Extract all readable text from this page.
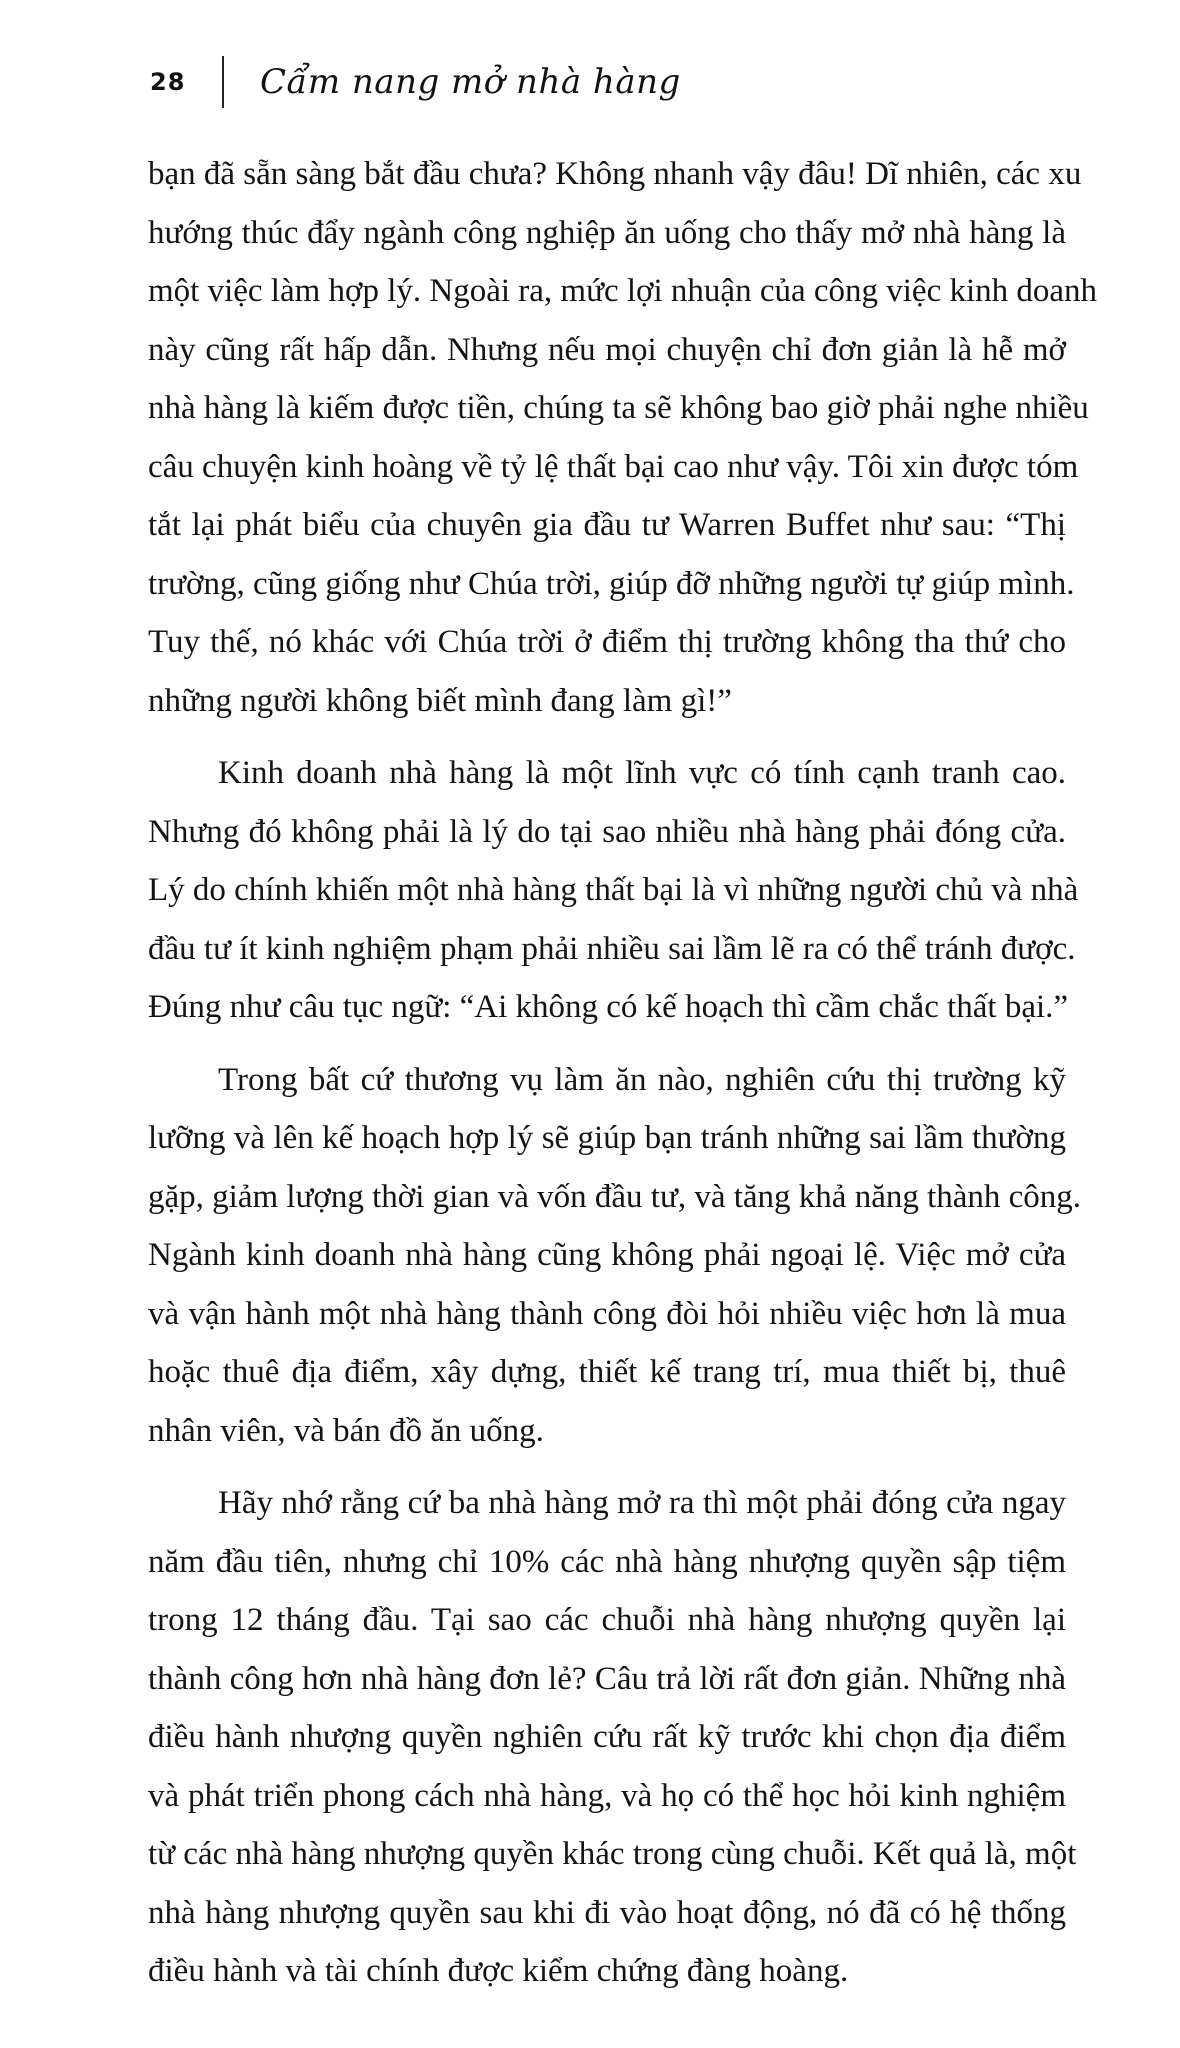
28	Cẩm nang mở nhà hàng

bạn đã sẵn sàng bắt đầu chưa? Không nhanh vậy đâu! Dĩ nhiên, các xu
hướng thúc đẩy ngành công nghiệp ăn uống cho thấy mở nhà hàng là
một việc làm hợp lý. Ngoài ra, mức lợi nhuận của công việc kinh doanh
này cũng rất hấp dẫn. Nhưng nếu mọi chuyện chỉ đơn giản là hễ mở
nhà hàng là kiếm được tiền, chúng ta sẽ không bao giờ phải nghe nhiều
câu chuyện kinh hoàng về tỷ lệ thất bại cao như vậy. Tôi xin được tóm
tắt lại phát biểu của chuyên gia đầu tư Warren Buffet như sau: “Thị
trường, cũng giống như Chúa trời, giúp đỡ những người tự giúp mình.
Tuy thế, nó khác với Chúa trời ở điểm thị trường không tha thứ cho
những người không biết mình đang làm gì!”

Kinh doanh nhà hàng là một lĩnh vực có tính cạnh tranh cao.
Nhưng đó không phải là lý do tại sao nhiều nhà hàng phải đóng cửa.
Lý do chính khiến một nhà hàng thất bại là vì những người chủ và nhà
đầu tư ít kinh nghiệm phạm phải nhiều sai lầm lẽ ra có thể tránh được.
Đúng như câu tục ngữ: “Ai không có kế hoạch thì cầm chắc thất bại.”

Trong bất cứ thương vụ làm ăn nào, nghiên cứu thị trường kỹ
lưỡng và lên kế hoạch hợp lý sẽ giúp bạn tránh những sai lầm thường
gặp, giảm lượng thời gian và vốn đầu tư, và tăng khả năng thành công.
Ngành kinh doanh nhà hàng cũng không phải ngoại lệ. Việc mở cửa
và vận hành một nhà hàng thành công đòi hỏi nhiều việc hơn là mua
hoặc thuê địa điểm, xây dựng, thiết kế trang trí, mua thiết bị, thuê
nhân viên, và bán đồ ăn uống.

Hãy nhớ rằng cứ ba nhà hàng mở ra thì một phải đóng cửa ngay
năm đầu tiên, nhưng chỉ 10% các nhà hàng nhượng quyền sập tiệm
trong 12 tháng đầu. Tại sao các chuỗi nhà hàng nhượng quyền lại
thành công hơn nhà hàng đơn lẻ? Câu trả lời rất đơn giản. Những nhà
điều hành nhượng quyền nghiên cứu rất kỹ trước khi chọn địa điểm
và phát triển phong cách nhà hàng, và họ có thể học hỏi kinh nghiệm
từ các nhà hàng nhượng quyền khác trong cùng chuỗi. Kết quả là, một
nhà hàng nhượng quyền sau khi đi vào hoạt động, nó đã có hệ thống
điều hành và tài chính được kiểm chứng đàng hoàng.
